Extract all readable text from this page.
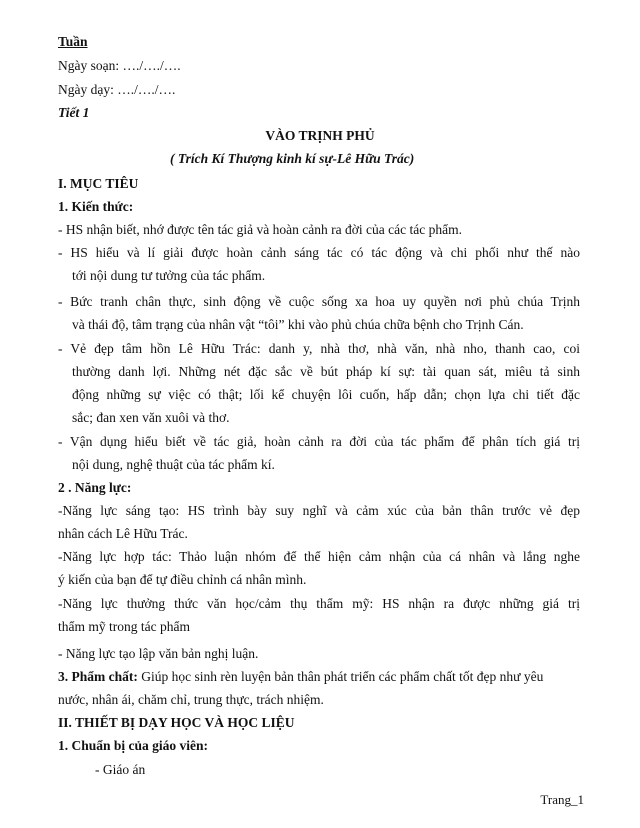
Tuần
Ngày soạn: …./…./….
Ngày dạy: …./…./….
Tiết 1
VÀO TRỊNH PHỦ
( Trích Kí Thượng kinh kí sự-Lê Hữu Trác)
I. MỤC TIÊU
1. Kiến thức:
- HS nhận biết, nhớ được tên tác giả và hoàn cảnh ra đời của các tác phẩm.
- HS hiểu và lí giải được hoàn cảnh sáng tác có tác động và chi phối như thế nào
tới nội dung tư tưởng của tác phẩm.
- Bức tranh chân thực, sinh động về cuộc sống xa hoa uy quyền nơi phủ chúa Trịnh
và thái độ, tâm trạng của nhân vật “tôi” khi vào phủ chúa chữa bệnh cho Trịnh Cán.
- Vẻ đẹp tâm hồn Lê Hữu Trác: danh y, nhà thơ, nhà văn, nhà nho, thanh cao, coi
thường danh lợi. Những nét đặc sắc về bút pháp kí sự: tài quan sát, miêu tả sinh
động những sự việc có thật; lối kể chuyện lôi cuốn, hấp dẫn; chọn lựa chi tiết đặc
sắc; đan xen văn xuôi và thơ.
- Vận dụng hiểu biết về tác giả, hoàn cảnh ra đời của tác phẩm để phân tích giá trị
nội dung, nghệ thuật của tác phẩm kí.
2 . Năng lực:
-Năng lực sáng tạo: HS trình bày suy nghĩ và cảm xúc của bản thân trước vẻ đẹp
nhân cách Lê Hữu Trác.
-Năng lực hợp tác: Thảo luận nhóm để thể hiện cảm nhận của cá nhân và lắng nghe
ý kiến của bạn để tự điều chỉnh cá nhân mình.
-Năng lực thưởng thức văn học/cảm thụ thẩm mỹ: HS nhận ra được những giá trị
thẩm mỹ trong tác phẩm
- Năng lực tạo lập văn bản nghị luận.
3. Phẩm chất: Giúp học sinh rèn luyện bản thân phát triển các phẩm chất tốt đẹp như yêu
nước, nhân ái, chăm chỉ, trung thực, trách nhiệm.
II. THIẾT BỊ DẠY HỌC VÀ HỌC LIỆU
1. Chuẩn bị của giáo viên:
- Giáo án
Trang_1
